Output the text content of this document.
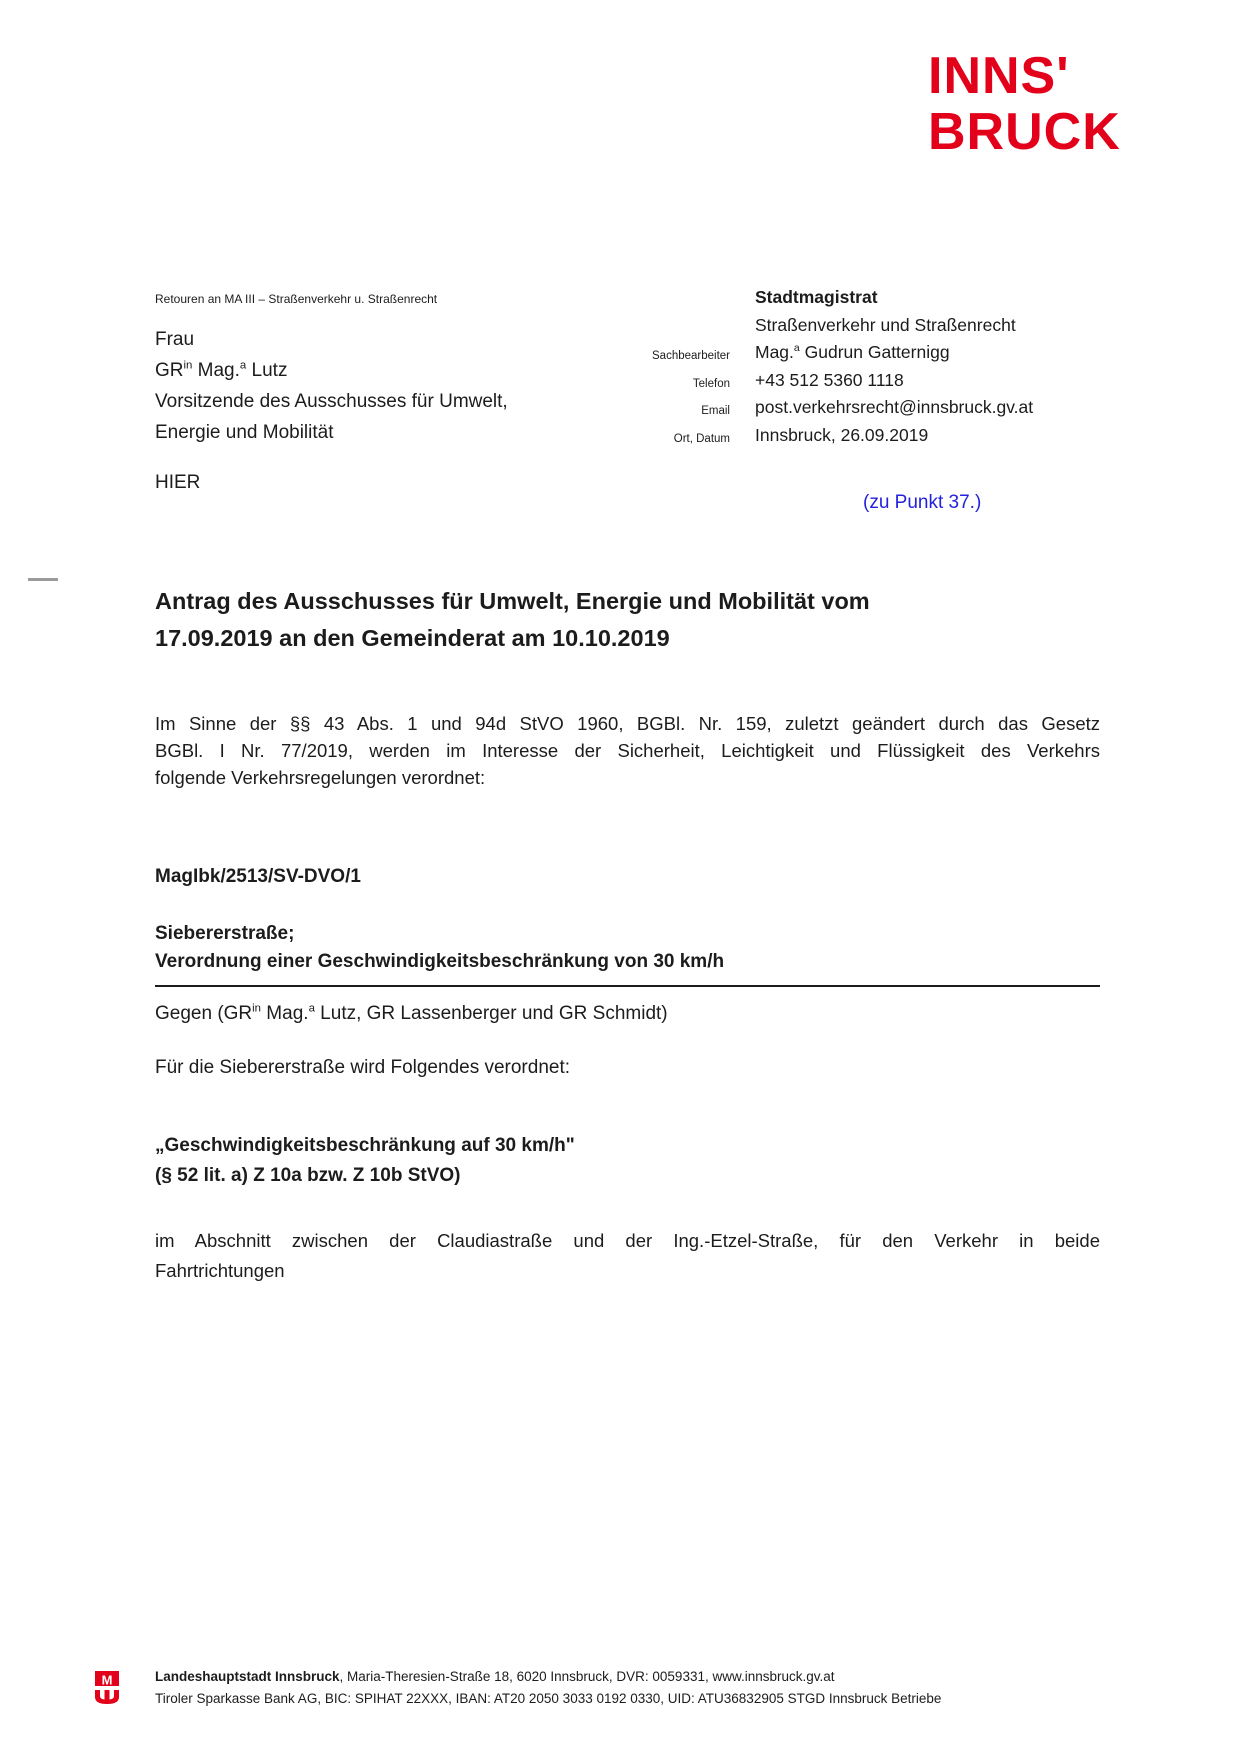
INNS'
BRUCK
Retouren an MA III – Straßenverkehr u. Straßenrecht
Frau
$GR^{in}$ Mag.$^a$ Lutz
Vorsitzende des Ausschusses für Umwelt,
Energie und Mobilität
HIER
Stadtmagistrat
Straßenverkehr und Straßenrecht
Sachbearbeiter Mag.$^a$ Gudrun Gatternigg
Telefon +43 512 5360 1118
Email post.verkehrsrecht@innsbruck.gv.at
Ort, Datum Innsbruck, 26.09.2019
(zu Punkt 37.)
Antrag des Ausschusses für Umwelt, Energie und Mobilität vom
17.09.2019 an den Gemeinderat am 10.10.2019
Im Sinne der §§ 43 Abs. 1 und 94d StVO 1960, BGBl. Nr. 159, zuletzt geändert durch das Gesetz
BGBl. I Nr. 77/2019, werden im Interesse der Sicherheit, Leichtigkeit und Flüssigkeit des Verkehrs
folgende Verkehrsregelungen verordnet:
MagIbk/2513/SV-DVO/1
Siebererstraße;
Verordnung einer Geschwindigkeitsbeschränkung von 30 km/h
Gegen ($GR^{in}$ Mag.$^a$ Lutz, GR Lassenberger und GR Schmidt)
Für die Siebererstraße wird Folgendes verordnet:
„Geschwindigkeitsbeschränkung auf 30 km/h"
(§ 52 lit. a) Z 10a bzw. Z 10b StVO)
im Abschnitt zwischen der Claudiastraße und der Ing.-Etzel-Straße, für den Verkehr in beide
Fahrtrichtungen
M	Landeshauptstadt Innsbruck, Maria-Theresien-Straße 18, 6020 Innsbruck, DVR: 0059331, www.innsbruck.gv.at
Tiroler Sparkasse Bank AG, BIC: SPIHAT 22XXX, IBAN: AT20 2050 3033 0192 0330, UID: ATU36832905 STGD Innsbruck Betriebe
